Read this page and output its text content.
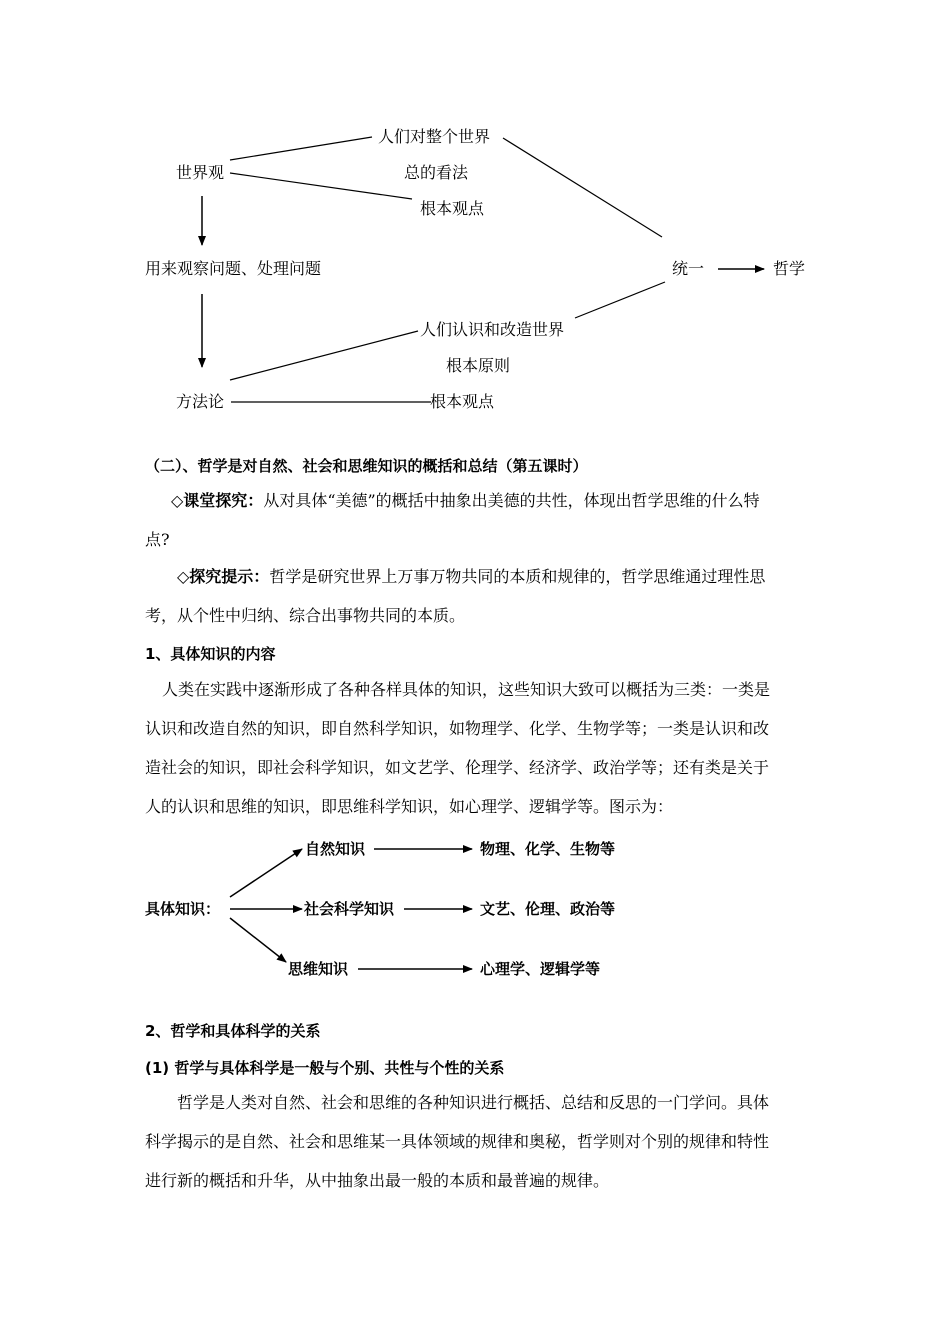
世界观
人们对整个世界
总的看法
根本观点
用来观察问题、处理问题
方法论
人们认识和改造世界
根本原则
根本观点
统一	哲学
（二）、哲学是对自然、社会和思维知识的概括和总结（第五课时）
◇课堂探究：从对具体“美德”的概括中抽象出美德的共性，体现出哲学思维的什么特
点?
◇探究提示：哲学是研究世界上万事万物共同的本质和规律的，哲学思维通过理性思
考，从个性中归纳、综合出事物共同的本质。
1、具体知识的内容
人类在实践中逐渐形成了各种各样具体的知识，这些知识大致可以概括为三类：一类是
认识和改造自然的知识，即自然科学知识，如物理学、化学、生物学等；一类是认识和改
造社会的知识，即社会科学知识，如文艺学、伦理学、经济学、政治学等；还有类是关于
人的认识和思维的知识，即思维科学知识，如心理学、逻辑学等。图示为：
具体知识：
自然知识
社会科学知识
思维知识
物理、化学、生物等
文艺、伦理、政治等
心理学、逻辑学等
2、哲学和具体科学的关系
(1) 哲学与具体科学是一般与个别、共性与个性的关系
哲学是人类对自然、社会和思维的各种知识进行概括、总结和反思的一门学问。具体
科学揭示的是自然、社会和思维某一具体领域的规律和奥秘，哲学则对个别的规律和特性
进行新的概括和升华，从中抽象出最一般的本质和最普遍的规律。
